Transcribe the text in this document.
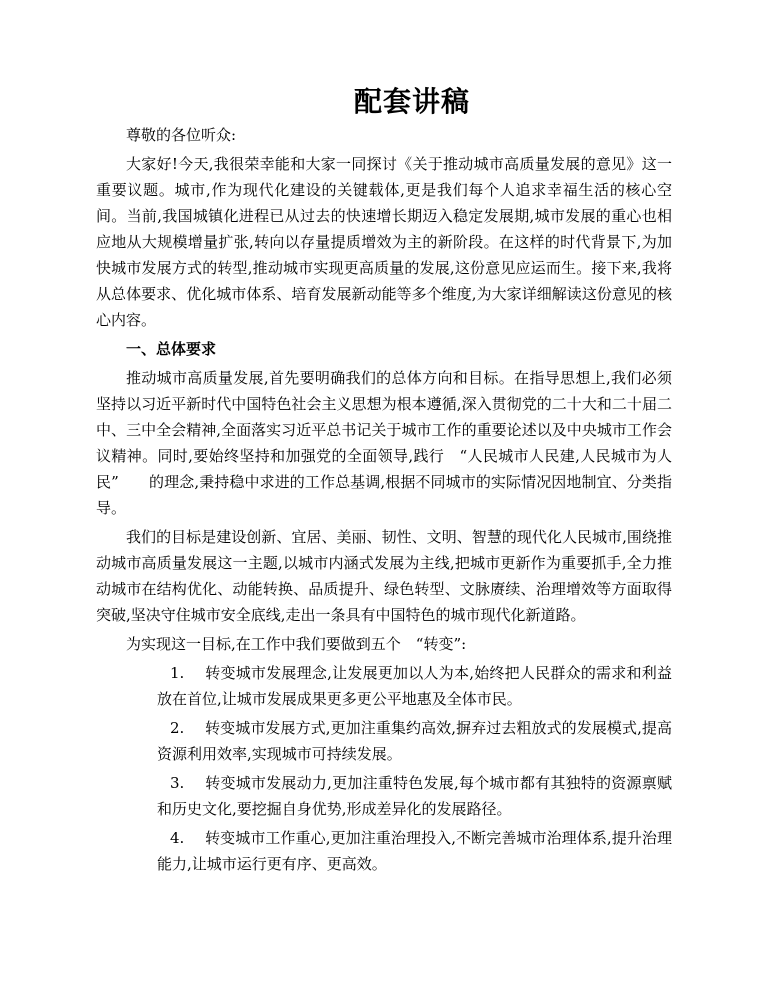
配套讲稿
尊敬的各位听众:
大家好!今天,我很荣幸能和大家一同探讨《关于推动城市高质量发展的意见》这一重要议题。城市,作为现代化建设的关键载体,更是我们每个人追求幸福生活的核心空间。当前,我国城镇化进程已从过去的快速增长期迈入稳定发展期,城市发展的重心也相应地从大规模增量扩张,转向以存量提质增效为主的新阶段。在这样的时代背景下,为加快城市发展方式的转型,推动城市实现更高质量的发展,这份意见应运而生。接下来,我将从总体要求、优化城市体系、培育发展新动能等多个维度,为大家详细解读这份意见的核心内容。
一、总体要求
推动城市高质量发展,首先要明确我们的总体方向和目标。在指导思想上,我们必须坚持以习近平新时代中国特色社会主义思想为根本遵循,深入贯彻党的二十大和二十届二中、三中全会精神,全面落实习近平总书记关于城市工作的重要论述以及中央城市工作会议精神。同时,要始终坚持和加强党的全面领导,践行　“人民城市人民建,人民城市为人民”　　的理念,秉持稳中求进的工作总基调,根据不同城市的实际情况因地制宜、分类指导。
我们的目标是建设创新、宜居、美丽、韧性、文明、智慧的现代化人民城市,围绕推动城市高质量发展这一主题,以城市内涵式发展为主线,把城市更新作为重要抓手,全力推动城市在结构优化、动能转换、品质提升、绿色转型、文脉赓续、治理增效等方面取得突破,坚决守住城市安全底线,走出一条具有中国特色的城市现代化新道路。
为实现这一目标,在工作中我们要做到五个　“转变”:
1. 转变城市发展理念,让发展更加以人为本,始终把人民群众的需求和利益放在首位,让城市发展成果更多更公平地惠及全体市民。
2. 转变城市发展方式,更加注重集约高效,摒弃过去粗放式的发展模式,提高资源利用效率,实现城市可持续发展。
3. 转变城市发展动力,更加注重特色发展,每个城市都有其独特的资源禀赋和历史文化,要挖掘自身优势,形成差异化的发展路径。
4. 转变城市工作重心,更加注重治理投入,不断完善城市治理体系,提升治理能力,让城市运行更有序、更高效。
